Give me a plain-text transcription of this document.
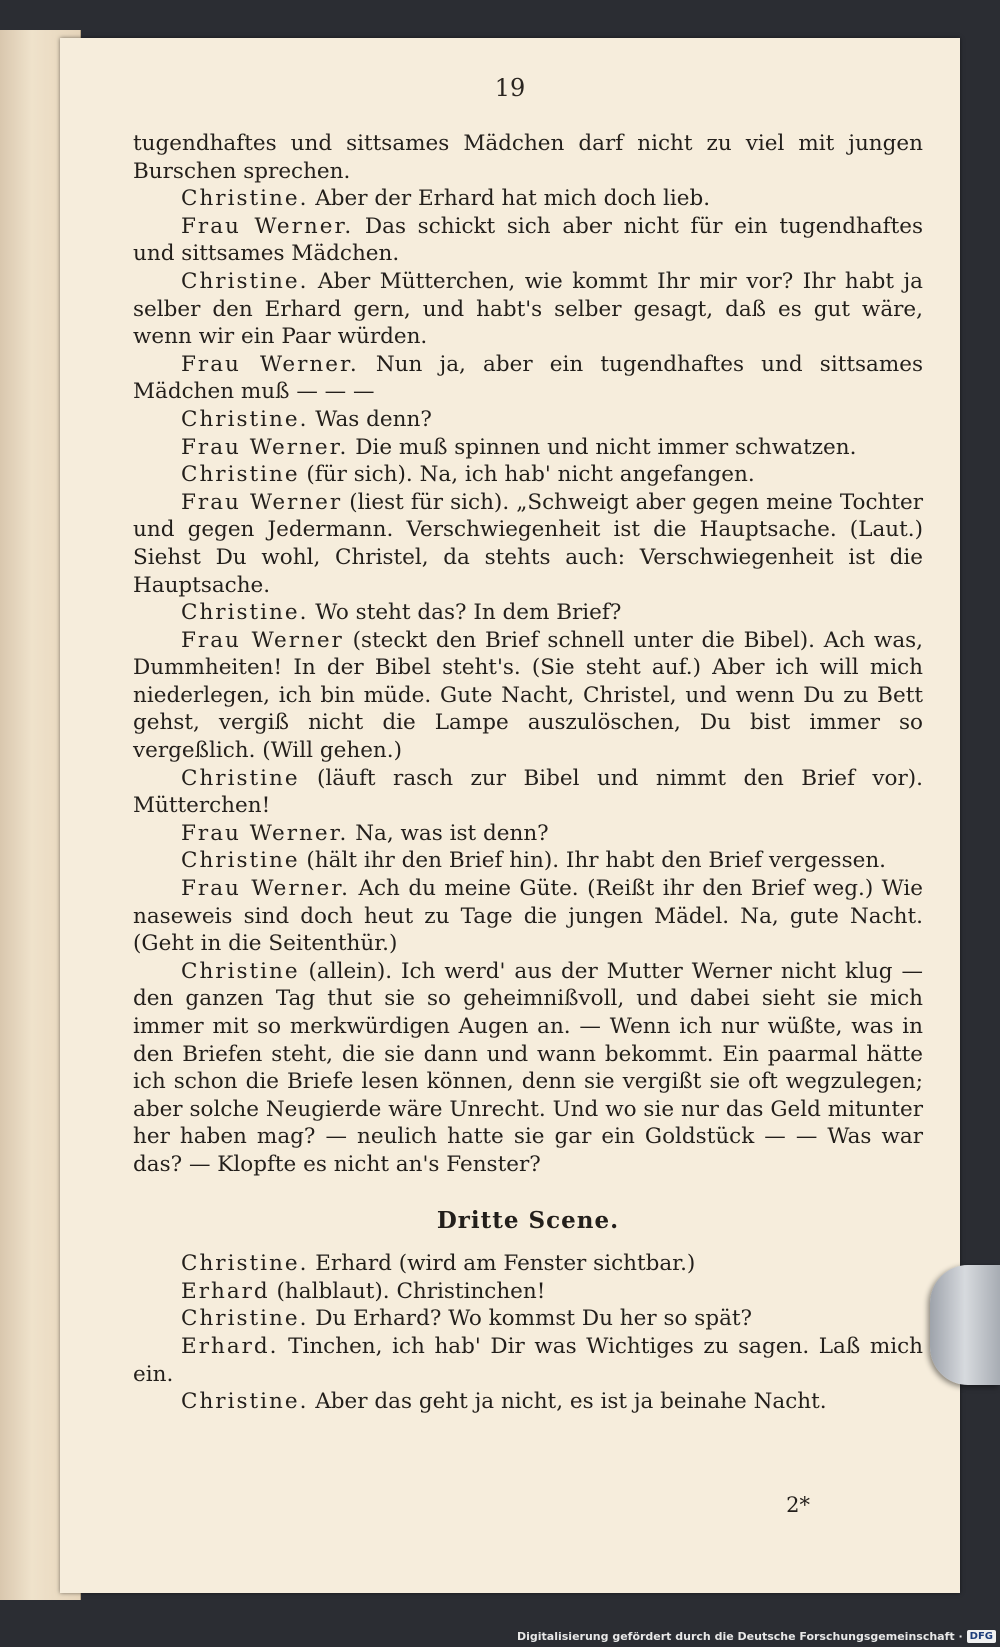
19

tugendhaftes und sittsames Mädchen darf nicht zu viel mit jungen Burschen sprechen.

Christine. Aber der Erhard hat mich doch lieb.

Frau Werner. Das schickt sich aber nicht für ein tugendhaftes und sittsames Mädchen.

Christine. Aber Mütterchen, wie kommt Ihr mir vor? Ihr habt ja selber den Erhard gern, und habt's selber gesagt, daß es gut wäre, wenn wir ein Paar würden.

Frau Werner. Nun ja, aber ein tugendhaftes und sittsames Mädchen muß — — —

Christine. Was denn?

Frau Werner. Die muß spinnen und nicht immer schwatzen.

Christine (für sich). Na, ich hab' nicht angefangen.

Frau Werner (liest für sich). „Schweigt aber gegen meine Tochter und gegen Jedermann. Verschwiegenheit ist die Hauptsache. (Laut.) Siehst Du wohl, Christel, da stehts auch: Verschwiegenheit ist die Hauptsache.

Christine. Wo steht das? In dem Brief?

Frau Werner (steckt den Brief schnell unter die Bibel). Ach was, Dummheiten! In der Bibel steht's. (Sie steht auf.) Aber ich will mich niederlegen, ich bin müde. Gute Nacht, Christel, und wenn Du zu Bett gehst, vergiß nicht die Lampe auszulöschen, Du bist immer so vergeßlich. (Will gehen.)

Christine (läuft rasch zur Bibel und nimmt den Brief vor). Mütterchen!

Frau Werner. Na, was ist denn?

Christine (hält ihr den Brief hin). Ihr habt den Brief vergessen.

Frau Werner. Ach du meine Güte. (Reißt ihr den Brief weg.) Wie naseweis sind doch heut zu Tage die jungen Mädel. Na, gute Nacht. (Geht in die Seitenthür.)

Christine (allein). Ich werd' aus der Mutter Werner nicht klug — den ganzen Tag thut sie so geheimnißvoll, und dabei sieht sie mich immer mit so merkwürdigen Augen an. — Wenn ich nur wüßte, was in den Briefen steht, die sie dann und wann bekommt. Ein paarmal hätte ich schon die Briefe lesen können, denn sie vergißt sie oft wegzulegen; aber solche Neugierde wäre Unrecht. Und wo sie nur das Geld mitunter her haben mag? — neulich hatte sie gar ein Goldstück — — Was war das? — Klopfte es nicht an's Fenster?

Dritte Scene.

Christine. Erhard (wird am Fenster sichtbar.)

Erhard (halblaut). Christinchen!

Christine. Du Erhard? Wo kommst Du her so spät?

Erhard. Tinchen, ich hab' Dir was Wichtiges zu sagen. Laß mich ein.

Christine. Aber das geht ja nicht, es ist ja beinahe Nacht.

2*
Digitalisierung gefördert durch die Deutsche Forschungsgemeinschaft · DFG
